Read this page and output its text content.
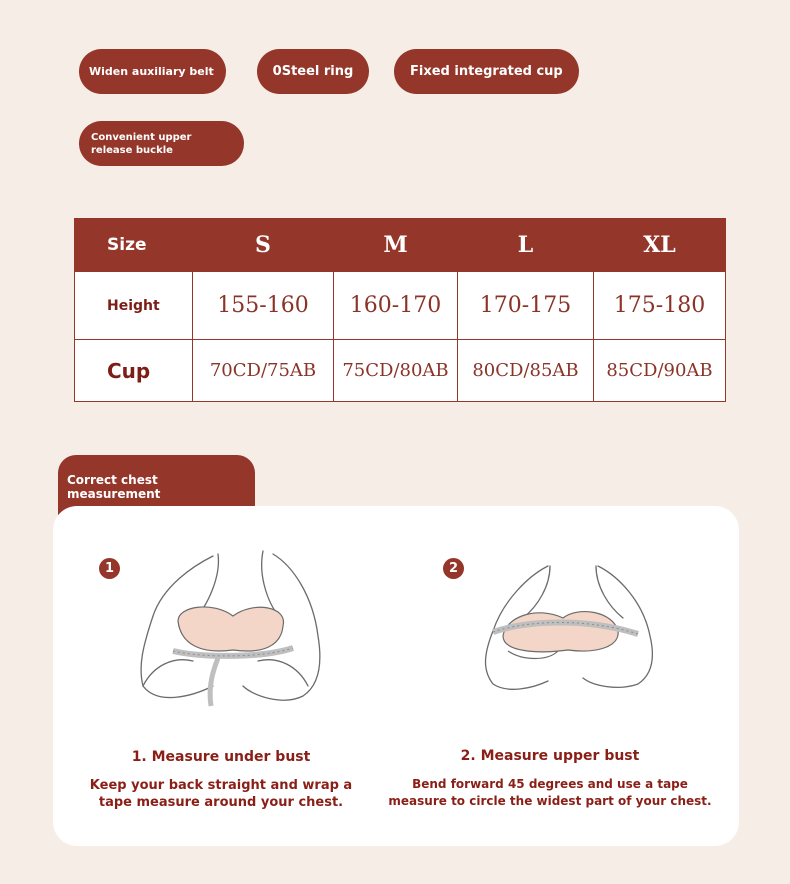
Widen auxiliary belt	0Steel ring	Fixed integrated cup
Convenient upper release buckle
Size	S	M	L	XL
Height	155-160	160-170	170-175	175-180
Cup	70CD/75AB	75CD/80AB	80CD/85AB	85CD/90AB
Correct chest measurement
1	2
1. Measure under bust
Keep your back straight and wrap a tape measure around your chest.
2. Measure upper bust
Bend forward 45 degrees and use a tape measure to circle the widest part of your chest.
